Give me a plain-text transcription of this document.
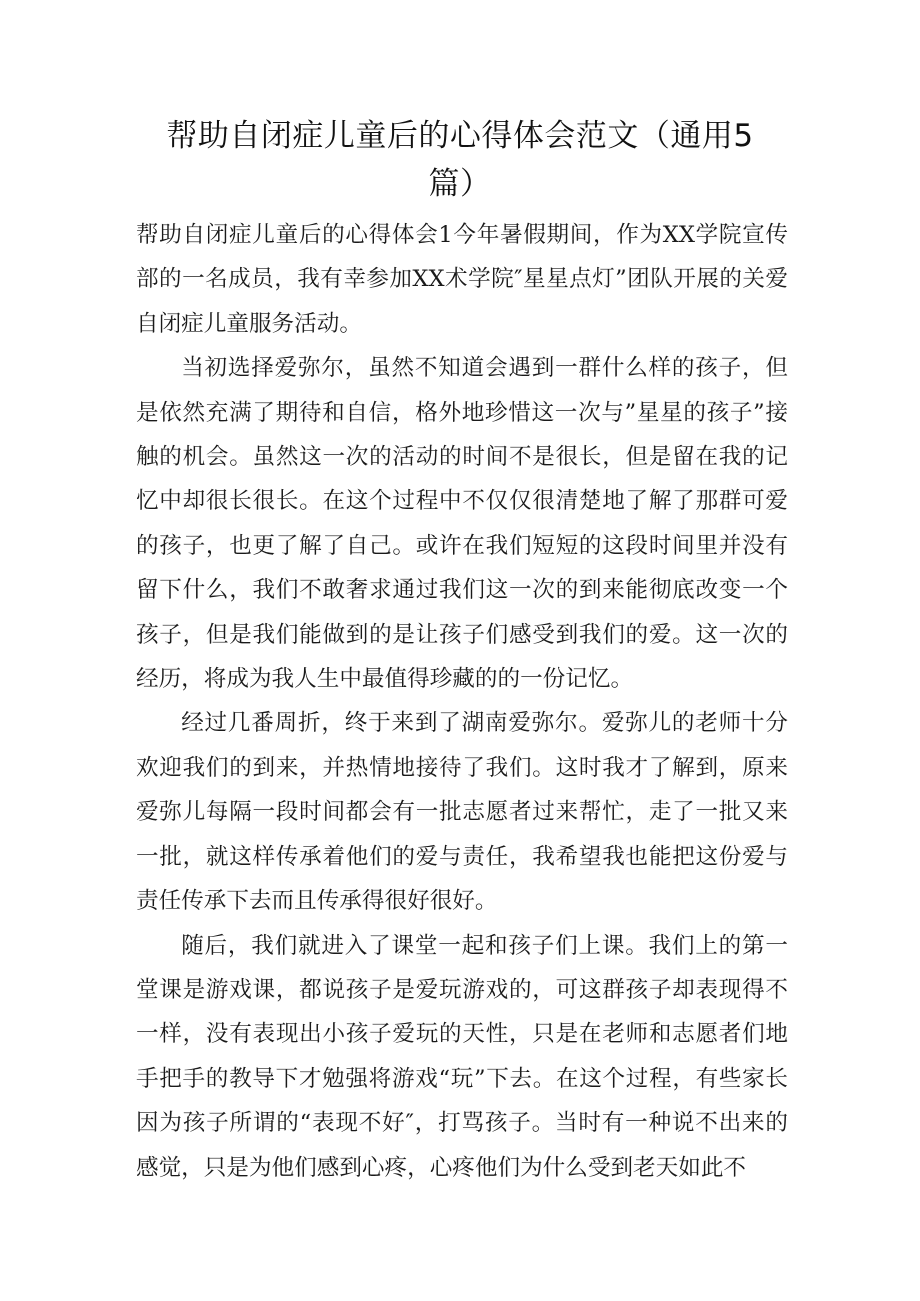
帮助自闭症儿童后的心得体会范文（通用5篇）

帮助自闭症儿童后的心得体会1今年暑假期间，作为XX学院宣传部的一名成员，我有幸参加XX术学院″星星点灯”团队开展的关爱自闭症儿童服务活动。

当初选择爱弥尔，虽然不知道会遇到一群什么样的孩子，但是依然充满了期待和自信，格外地珍惜这一次与”星星的孩子”接触的机会。虽然这一次的活动的时间不是很长，但是留在我的记忆中却很长很长。在这个过程中不仅仅很清楚地了解了那群可爱的孩子，也更了解了自己。或许在我们短短的这段时间里并没有留下什么，我们不敢奢求通过我们这一次的到来能彻底改变一个孩子，但是我们能做到的是让孩子们感受到我们的爱。这一次的经历，将成为我人生中最值得珍藏的的一份记忆。

经过几番周折，终于来到了湖南爱弥尔。爱弥儿的老师十分欢迎我们的到来，并热情地接待了我们。这时我才了解到，原来爱弥儿每隔一段时间都会有一批志愿者过来帮忙，走了一批又来一批，就这样传承着他们的爱与责任，我希望我也能把这份爱与责任传承下去而且传承得很好很好。

随后，我们就进入了课堂一起和孩子们上课。我们上的第一堂课是游戏课，都说孩子是爱玩游戏的，可这群孩子却表现得不一样，没有表现出小孩子爱玩的天性，只是在老师和志愿者们地手把手的教导下才勉强将游戏“玩”下去。在这个过程，有些家长因为孩子所谓的“表现不好″，打骂孩子。当时有一种说不出来的感觉，只是为他们感到心疼，心疼他们为什么受到老天如此不
